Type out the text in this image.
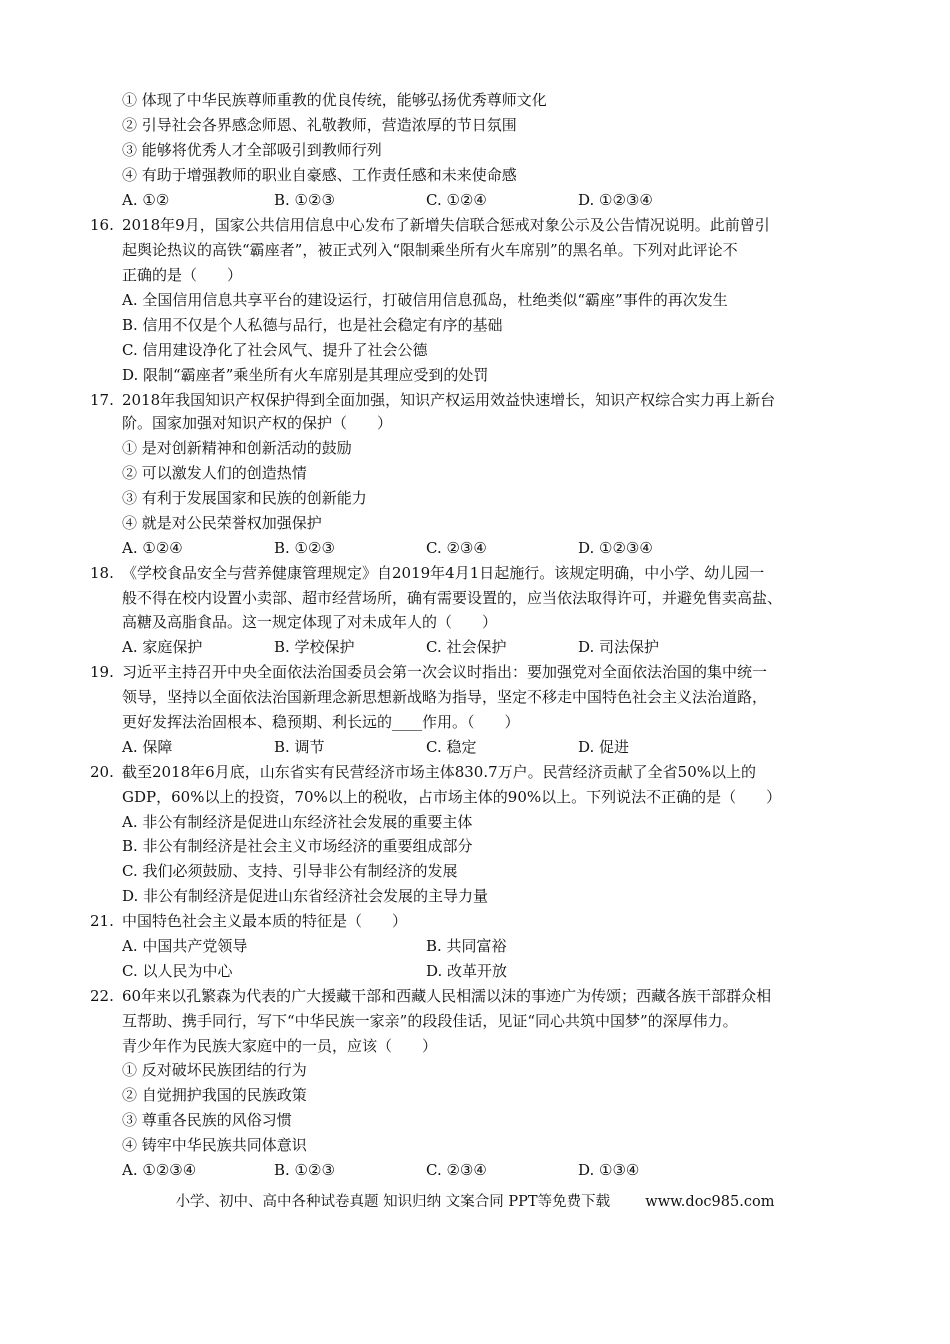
① 体现了中华民族尊师重教的优良传统，能够弘扬优秀尊师文化
② 引导社会各界感念师恩、礼敬教师，营造浓厚的节日氛围
③ 能够将优秀人才全部吸引到教师行列
④ 有助于增强教师的职业自豪感、工作责任感和未来使命感
A. ①②	B. ①②③	C. ①②④	D. ①②③④
16. 2018年9月，国家公共信用信息中心发布了新增失信联合惩戒对象公示及公告情况说明。此前曾引
起舆论热议的高铁“霸座者”，被正式列入“限制乘坐所有火车席别”的黑名单。下列对此评论不
正确的是（　　）
A. 全国信用信息共享平台的建设运行，打破信用信息孤岛，杜绝类似“霸座”事件的再次发生
B. 信用不仅是个人私德与品行，也是社会稳定有序的基础
C. 信用建设净化了社会风气、提升了社会公德
D. 限制“霸座者”乘坐所有火车席别是其理应受到的处罚
17. 2018年我国知识产权保护得到全面加强，知识产权运用效益快速增长，知识产权综合实力再上新台
阶。国家加强对知识产权的保护（　　）
① 是对创新精神和创新活动的鼓励
② 可以激发人们的创造热情
③ 有利于发展国家和民族的创新能力
④ 就是对公民荣誉权加强保护
A. ①②④	B. ①②③	C. ②③④	D. ①②③④
18. 《学校食品安全与营养健康管理规定》自2019年4月1日起施行。该规定明确，中小学、幼儿园一
般不得在校内设置小卖部、超市经营场所，确有需要设置的，应当依法取得许可，并避免售卖高盐、
高糖及高脂食品。这一规定体现了对未成年人的（　　）
A. 家庭保护	B. 学校保护	C. 社会保护	D. 司法保护
19. 习近平主持召开中央全面依法治国委员会第一次会议时指出：要加强党对全面依法治国的集中统一
领导，坚持以全面依法治国新理念新思想新战略为指导，坚定不移走中国特色社会主义法治道路，
更好发挥法治固根本、稳预期、利长远的____作用。（　　）
A. 保障	B. 调节	C. 稳定	D. 促进
20. 截至2018年6月底，山东省实有民营经济市场主体830.7万户。民营经济贡献了全省50%以上的
GDP，60%以上的投资，70%以上的税收，占市场主体的90%以上。下列说法不正确的是（　　）
A. 非公有制经济是促进山东经济社会发展的重要主体
B. 非公有制经济是社会主义市场经济的重要组成部分
C. 我们必须鼓励、支持、引导非公有制经济的发展
D. 非公有制经济是促进山东省经济社会发展的主导力量
21. 中国特色社会主义最本质的特征是（　　）
A. 中国共产党领导	B. 共同富裕
C. 以人民为中心	D. 改革开放
22. 60年来以孔繁森为代表的广大援藏干部和西藏人民相濡以沫的事迹广为传颂；西藏各族干部群众相
互帮助、携手同行，写下“中华民族一家亲”的段段佳话，见证“同心共筑中国梦”的深厚伟力。
青少年作为民族大家庭中的一员，应该（　　）
① 反对破坏民族团结的行为
② 自觉拥护我国的民族政策
③ 尊重各民族的风俗习惯
④ 铸牢中华民族共同体意识
A. ①②③④	B. ①②③	C. ②③④	D. ①③④
小学、初中、高中各种试卷真题 知识归纳 文案合同 PPT等免费下载 www.doc985.com
